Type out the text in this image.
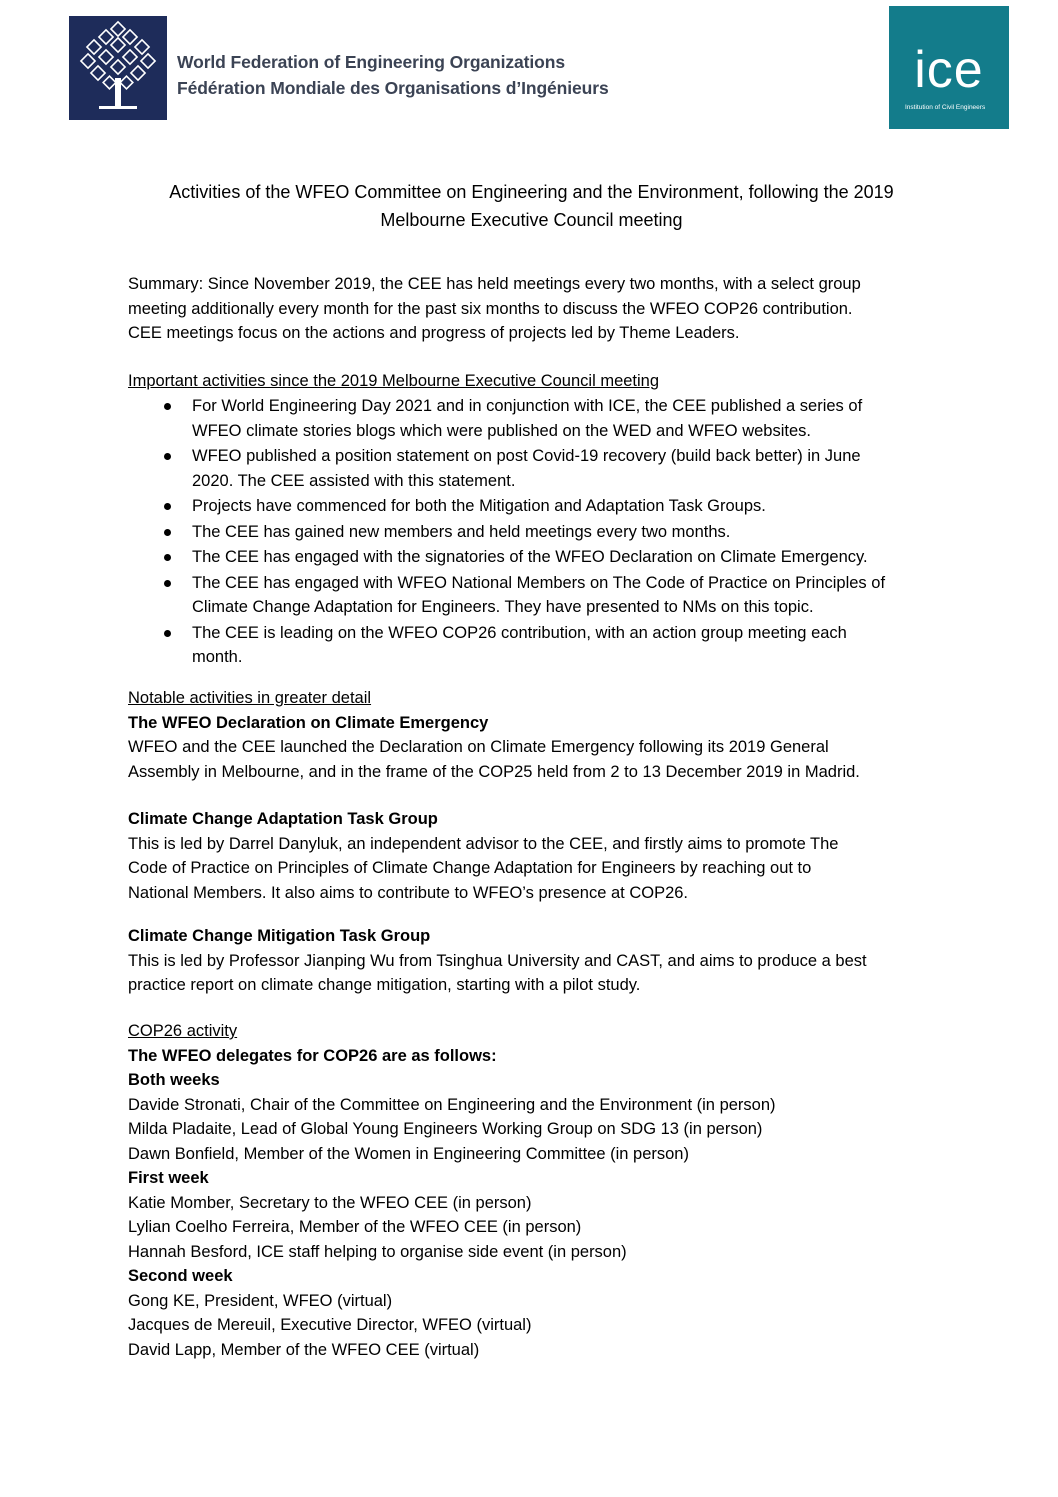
World Federation of Engineering Organizations
Fédération Mondiale des Organisations d’Ingénieurs	ice
Institution of Civil Engineers
Activities of the WFEO Committee on Engineering and the Environment, following the 2019
Melbourne Executive Council meeting
Summary: Since November 2019, the CEE has held meetings every two months, with a select group
meeting additionally every month for the past six months to discuss the WFEO COP26 contribution.
CEE meetings focus on the actions and progress of projects led by Theme Leaders.
Important activities since the 2019 Melbourne Executive Council meeting
For World Engineering Day 2021 and in conjunction with ICE, the CEE published a series of
WFEO climate stories blogs which were published on the WED and WFEO websites.
WFEO published a position statement on post Covid-19 recovery (build back better) in June
2020. The CEE assisted with this statement.
Projects have commenced for both the Mitigation and Adaptation Task Groups.
The CEE has gained new members and held meetings every two months.
The CEE has engaged with the signatories of the WFEO Declaration on Climate Emergency.
The CEE has engaged with WFEO National Members on The Code of Practice on Principles of
Climate Change Adaptation for Engineers. They have presented to NMs on this topic.
The CEE is leading on the WFEO COP26 contribution, with an action group meeting each
month.
Notable activities in greater detail
The WFEO Declaration on Climate Emergency
WFEO and the CEE launched the Declaration on Climate Emergency following its 2019 General
Assembly in Melbourne, and in the frame of the COP25 held from 2 to 13 December 2019 in Madrid.
Climate Change Adaptation Task Group
This is led by Darrel Danyluk, an independent advisor to the CEE, and firstly aims to promote The
Code of Practice on Principles of Climate Change Adaptation for Engineers by reaching out to
National Members. It also aims to contribute to WFEO’s presence at COP26.
Climate Change Mitigation Task Group
This is led by Professor Jianping Wu from Tsinghua University and CAST, and aims to produce a best
practice report on climate change mitigation, starting with a pilot study.
COP26 activity
The WFEO delegates for COP26 are as follows:
Both weeks
Davide Stronati, Chair of the Committee on Engineering and the Environment (in person)
Milda Pladaite, Lead of Global Young Engineers Working Group on SDG 13 (in person)
Dawn Bonfield, Member of the Women in Engineering Committee (in person)
First week
Katie Momber, Secretary to the WFEO CEE (in person)
Lylian Coelho Ferreira, Member of the WFEO CEE (in person)
Hannah Besford, ICE staff helping to organise side event (in person)
Second week
Gong KE, President, WFEO (virtual)
Jacques de Mereuil, Executive Director, WFEO (virtual)
David Lapp, Member of the WFEO CEE (virtual)
